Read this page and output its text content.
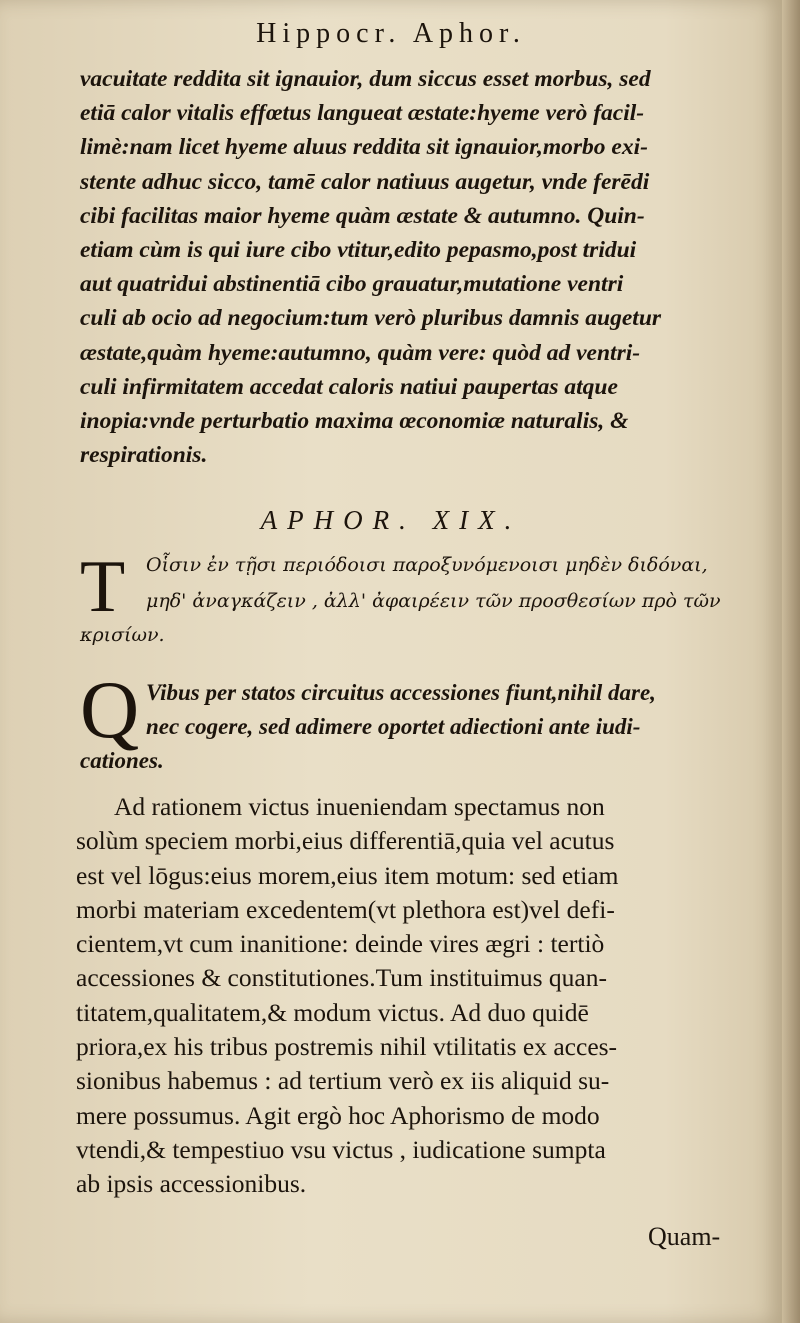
Hippocr. Aphor.
vacuitate reddita sit ignauior, dum siccus esset morbus, sed
etiā calor vitalis effœtus langueat æstate:hyeme verò facil-
limè:nam licet hyeme aluus reddita sit ignauior,morbo exi-
stente adhuc sicco, tamē calor natiuus augetur, vnde ferēdi
cibi facilitas maior hyeme quàm æstate & autumno. Quin-
etiam cùm is qui iure cibo vtitur,edito pepasmo,post tridui
aut quatridui abstinentiā cibo grauatur,mutatione ventri
culi ab ocio ad negocium:tum verò pluribus damnis augetur
æstate,quàm hyeme:autumno, quàm vere: quòd ad ventri-
culi infirmitatem accedat caloris natiui paupertas atque
inopia:vnde perturbatio maxima œconomiæ naturalis, &
respirationis.
APHOR. XIX.
T Οἷσιν ἐν τῇσι περιόδοισι παροξυνόμενοισι μηδὲν διδόναι,
μηδ' ἀναγκάζειν , ἀλλ' ἀφαιρέειν τῶν προσθεσίων πρὸ τῶν
κρισίων.
Q Vibus per statos circuitus accessiones fiunt,nihil dare,
nec cogere, sed adimere oportet adiectioni ante iudi-
cationes.
Ad rationem victus inueniendam spectamus non
solùm speciem morbi,eius differentiā,quia vel acutus
est vel lōgus:eius morem,eius item motum: sed etiam
morbi materiam excedentem(vt plethora est)vel defi-
cientem,vt cum inanitione: deinde vires ægri : tertiò
accessiones & constitutiones.Tum instituimus quan-
titatem,qualitatem,& modum victus. Ad duo quidē
priora,ex his tribus postremis nihil vtilitatis ex acces-
sionibus habemus : ad tertium verò ex iis aliquid su-
mere possumus. Agit ergò hoc Aphorismo de modo
vtendi,& tempestiuo vsu victus , iudicatione sumpta
ab ipsis accessionibus.
Quam-
